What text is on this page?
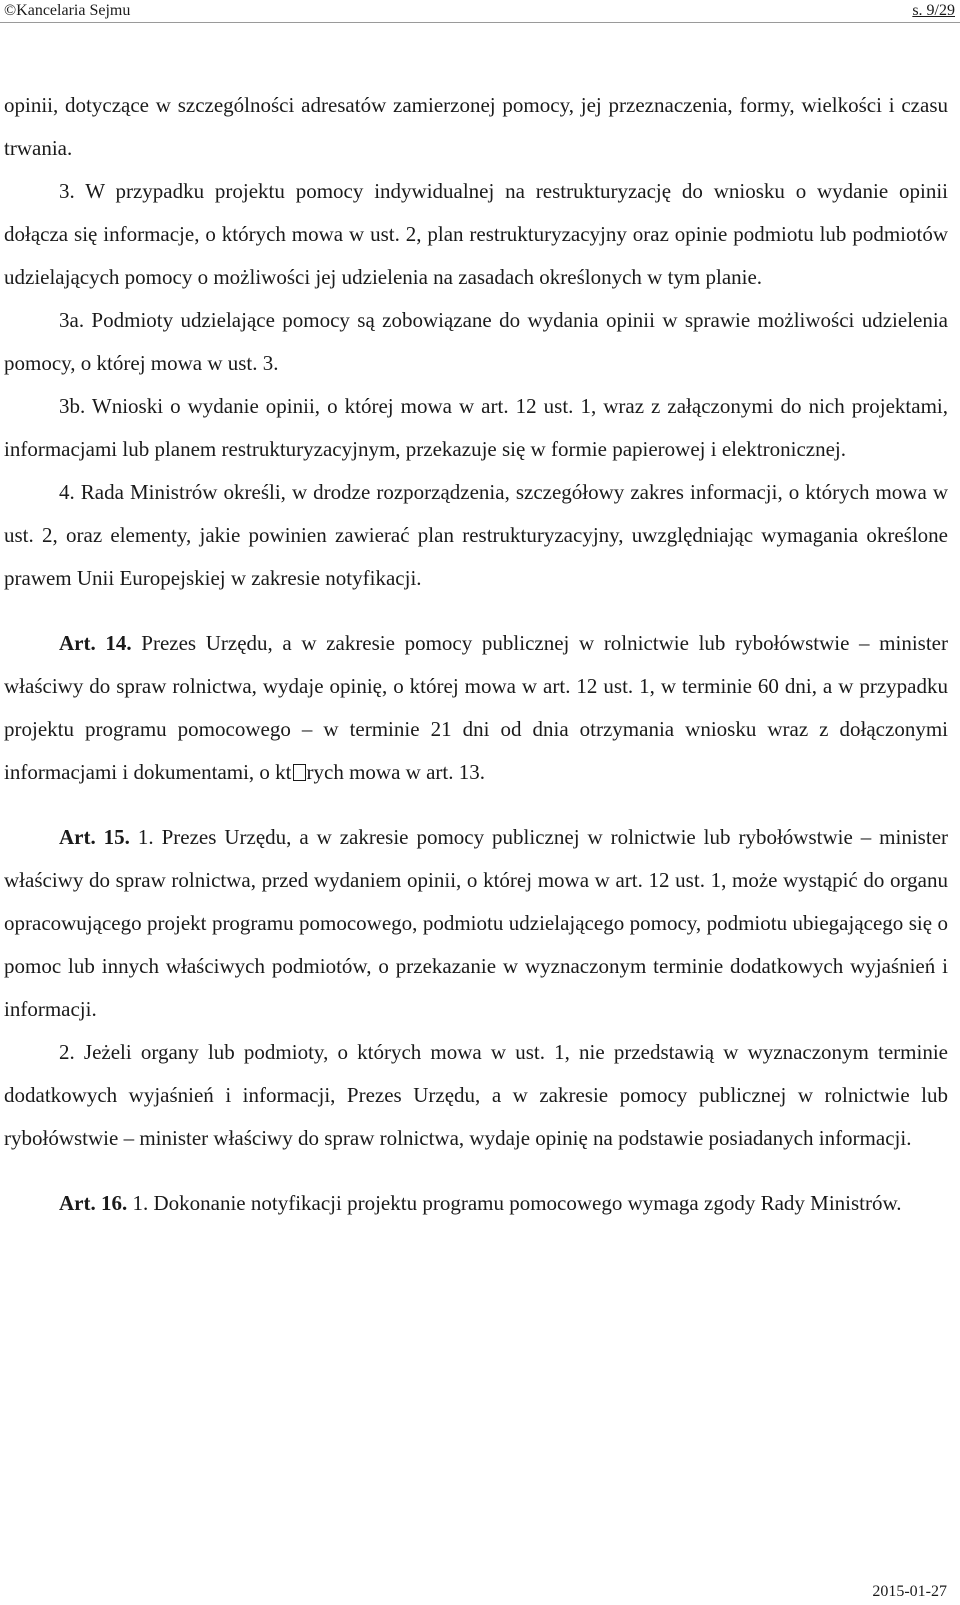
©Kancelaria Sejmu	s. 9/29

opinii, dotyczące w szczególności adresatów zamierzonej pomocy, jej przeznaczenia, formy, wielkości i czasu trwania.

3. W przypadku projektu pomocy indywidualnej na restrukturyzację do wniosku o wydanie opinii dołącza się informacje, o których mowa w ust. 2, plan restrukturyzacyjny oraz opinie podmiotu lub podmiotów udzielających pomocy o możliwości jej udzielenia na zasadach określonych w tym planie.

3a. Podmioty udzielające pomocy są zobowiązane do wydania opinii w sprawie możliwości udzielenia pomocy, o której mowa w ust. 3.

3b. Wnioski o wydanie opinii, o której mowa w art. 12 ust. 1, wraz z załączonymi do nich projektami, informacjami lub planem restrukturyzacyjnym, przekazuje się w formie papierowej i elektronicznej.

4. Rada Ministrów określi, w drodze rozporządzenia, szczegółowy zakres informacji, o których mowa w ust. 2, oraz elementy, jakie powinien zawierać plan restrukturyzacyjny, uwzględniając wymagania określone prawem Unii Europejskiej w zakresie notyfikacji.

Art. 14. Prezes Urzędu, a w zakresie pomocy publicznej w rolnictwie lub rybołówstwie – minister właściwy do spraw rolnictwa, wydaje opinię, o której mowa w art. 12 ust. 1, w terminie 60 dni, a w przypadku projektu programu pomocowego – w terminie 21 dni od dnia otrzymania wniosku wraz z dołączonymi informacjami i dokumentami, o kt rych mowa w art. 13.

Art. 15. 1. Prezes Urzędu, a w zakresie pomocy publicznej w rolnictwie lub rybołówstwie – minister właściwy do spraw rolnictwa, przed wydaniem opinii, o której mowa w art. 12 ust. 1, może wystąpić do organu opracowującego projekt programu pomocowego, podmiotu udzielającego pomocy, podmiotu ubiegającego się o pomoc lub innych właściwych podmiotów, o przekazanie w wyznaczonym terminie dodatkowych wyjaśnień i informacji.

2. Jeżeli organy lub podmioty, o których mowa w ust. 1, nie przedstawią w wyznaczonym terminie dodatkowych wyjaśnień i informacji, Prezes Urzędu, a w zakresie pomocy publicznej w rolnictwie lub rybołówstwie – minister właściwy do spraw rolnictwa, wydaje opinię na podstawie posiadanych informacji.

Art. 16. 1. Dokonanie notyfikacji projektu programu pomocowego wymaga zgody Rady Ministrów.

2015-01-27
